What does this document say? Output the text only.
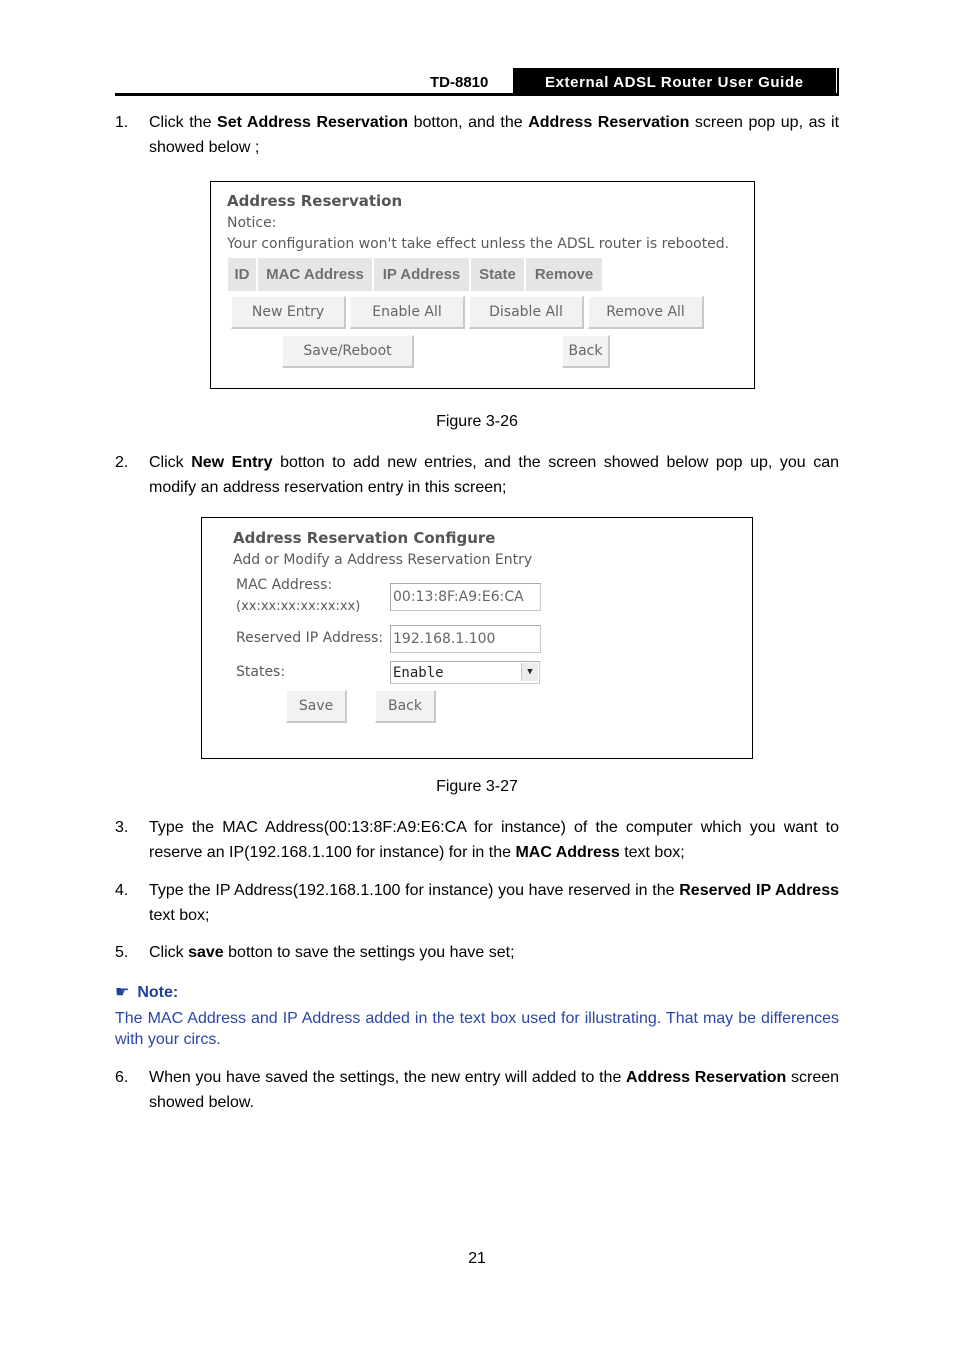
TD-8810	External ADSL Router User Guide
1. Click the Set Address Reservation botton, and the Address Reservation screen pop up, as it showed below ;
Address Reservation
Notice:
Your configuration won't take effect unless the ADSL router is rebooted.
ID	MAC Address	IP Address	State	Remove
New Entry	Enable All	Disable All	Remove All
Save/Reboot	Back
Figure 3-26
2. Click New Entry botton to add new entries, and the screen showed below pop up, you can modify an address reservation entry in this screen;
Address Reservation Configure
Add or Modify a Address Reservation Entry
MAC Address:
(xx:xx:xx:xx:xx:xx)
00:13:8F:A9:E6:CA
Reserved IP Address: 192.168.1.100
States:	Enable	▼
Save	Back
Figure 3-27
3. Type the MAC Address(00:13:8F:A9:E6:CA for instance) of the computer which you want to reserve an IP(192.168.1.100 for instance) for in the MAC Address text box;
4. Type the IP Address(192.168.1.100 for instance) you have reserved in the Reserved IP Address text box;
5. Click save botton to save the settings you have set;
☛ Note:
The MAC Address and IP Address added in the text box used for illustrating. That may be differences with your circs.
6. When you have saved the settings, the new entry will added to the Address Reservation screen showed below.
21
